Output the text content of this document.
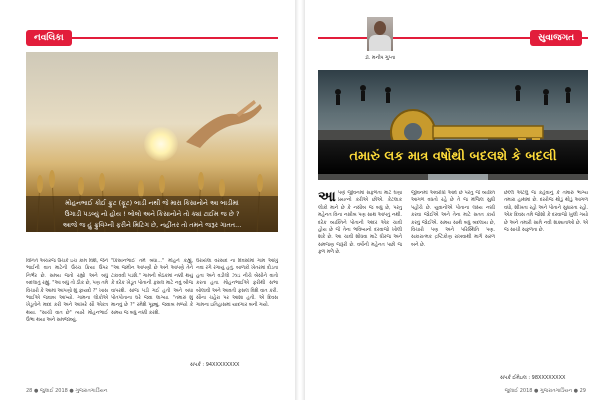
નવલિકા
મોહનભાઈ કોઈ ફ્રુટ (ફૂટ) બાડી નથી જે મારા કિસાનોને આ બાડીમાં
ઉગાડી પડવ્યું નો હોય ! બોલો અને કિસાનોને તો ક્યાં ટાઈમ જ છે ?
આજે જ હું ફ્રુવિંગ્ની ફરીને મિટિંગ છે, નહીંતર તો તમને જરૂર ગાતત...
વિનિતે અચરજ ઉંચકે ઇંચ કામ વિશે, જેને ભાઈની વાત માટેની ઉચ્ચ ક્રિયા ઉપર નિર્ભર છે. સમય જતો રહ્યો અને બધું બદલાતું રહ્યું. "આ બધું તો ઠીક છે, પણ તમે વિચારો કે આમાં આપણો શું ફાયદો ?" ખાસ ભાઈએ જવાબ આપ્યો. ગામના લોકોએ ખેડૂતોને મદદ કરી અને આખરે સૌ એકત્ર થયા. "સાચી વાત છે" ત્યારે મોહનભાઈ ઉભા થયા અને સમજાવ્યું.
"કિસાનભાઈ તમે બધા..." મોહને કહ્યું, "આ જમીન આપણી છે અને આપણે તેને ટકાવવી પડશે." ગામની બેઠકમાં નક્કી થયું કે દરેક ખેડૂત પોતાની ફસલ માટે નવું બીજ વાપરશે. સાંજ પડી ગઈ હતી અને બધા પોતપોતાના ઘરે જવા લાગ્યા. "તમારું શું માનવું છે ?" રમેશે પૂછ્યું. જવાબ મળ્યો કે સમય જ બધું નક્કી કરશે.
ઘેરાયેલા વરસાદ ના દિવસોમાં ગામ આખું નવા રંગે રંગાયું હતું. બાળકો ખેતરમાં દોડતા હતા અને વડીલો ઝાડ નીચે બેસીને વાતો કરતા હતા. મોહનભાઈએ ફરીથી સભા બોલાવી અને આવતી ફસલ વિશે વાત કરી. સૌના ચહેરા પર આશા હતી. એ દિવસ ગામના ઇતિહાસમાં યાદગાર બની ગયો.
સંપર્ક : 94XXXXXXXX
28 ● જુલાઈ 2018 ● ગુજરાતગાર્ડિયન
સુવાજગત
ડૉ. મનીષ ગુપ્તા
તમારું લક માત્ર વર્ષોથી બદલશે કે બદલી
આ પણે જીવનમાં સફળતા માટે ઘણા પ્રયત્નો કરીએ છીએ. કેટલાક લોકો માને છે કે નસીબ જ બધું છે, પરંતુ મહેનત વિના નસીબ પણ સાથ આપતું નથી. દરેક વ્યક્તિને પોતાની અંદર એક ચાવી હોય છે જે તેના ભવિષ્યનો દરવાજો ખોલી શકે છે. આ ચાવી શોધવા માટે ધીરજ અને સમજણ જરૂરી છે. વર્ષોની મહેનત પછી જ ફળ મળે છે.
જીવનમાં અવરોધો આવે છે પરંતુ જે વ્યક્તિ આગળ વધતો રહે છે તે જ મંજિલ સુધી પહોંચે છે. યુવાનોએ પોતાના લક્ષ્ય નક્કી કરવા જોઈએ અને તેના માટે સતત કાર્ય કરવું જોઈએ. સમય સાથે બધું બદલાય છે, વિચારો પણ અને પરિસ્થિતિ પણ. સકારાત્મક દ્રષ્ટિકોણ રાખવાથી માર્ગ સરળ બને છે.
છેલ્લે એટલું જ કહેવાનું કે તમારું ભાગ્ય તમારા હાથમાં છે. દરરોજ થોડું થોડું આગળ વધો, શીખતા રહો અને પોતાને સુધારતા રહો. એક દિવસ તમે જોશો કે દરવાજો ખુલી ગયો છે અને તમારી સામે નવી શક્યતાઓ છે. એ જ સાચી સફળતા છે.
સંપર્ક ઈમેઇલ : 98XXXXXXXX
જુલાઈ 2018 ● ગુજરાતગાર્ડિયન ● 29
